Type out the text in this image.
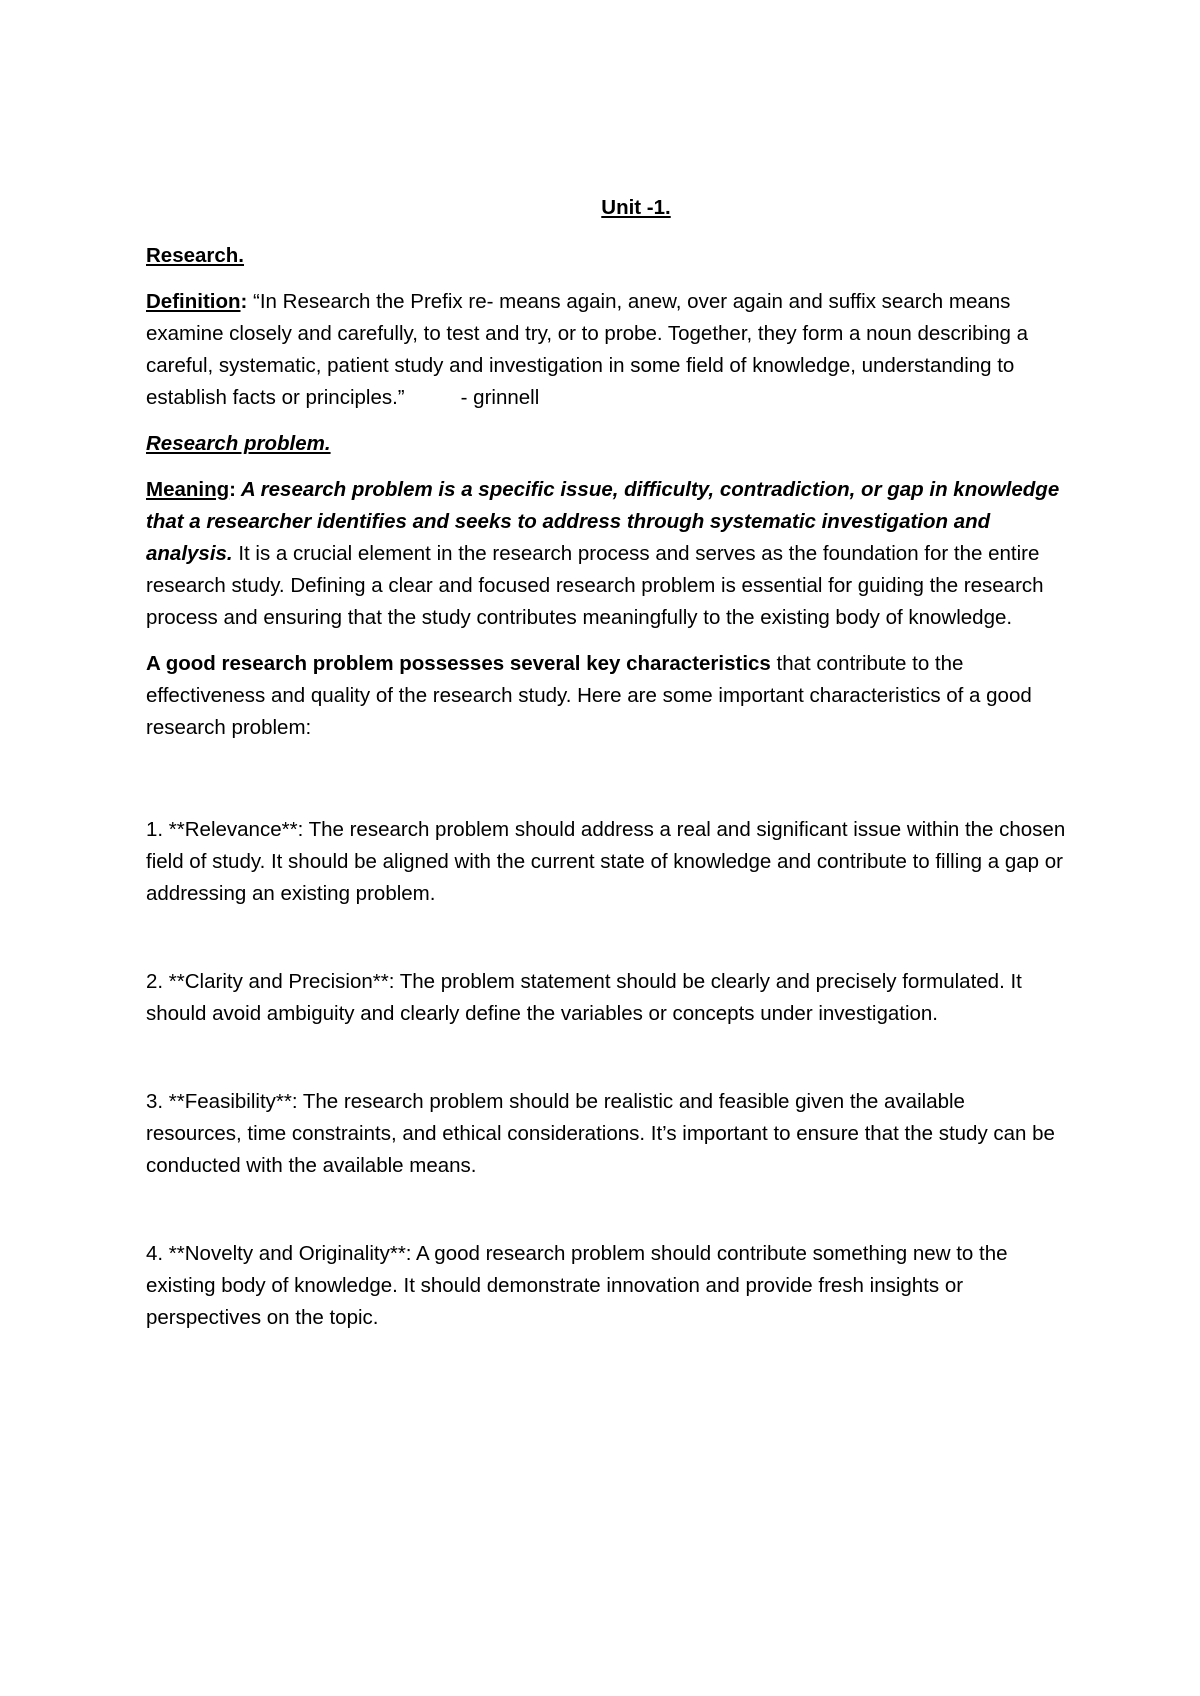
Unit -1.

Research.

Definition: “In Research the Prefix re- means again, anew, over again and suffix search means examine closely and carefully, to test and try, or to probe. Together, they form a noun describing a careful, systematic, patient study and investigation in some field of knowledge, understanding to establish facts or principles.”	- grinnell

Research problem.

Meaning: A research problem is a specific issue, difficulty, contradiction, or gap in knowledge that a researcher identifies and seeks to address through systematic investigation and analysis. It is a crucial element in the research process and serves as the foundation for the entire research study. Defining a clear and focused research problem is essential for guiding the research process and ensuring that the study contributes meaningfully to the existing body of knowledge.

A good research problem possesses several key characteristics that contribute to the effectiveness and quality of the research study. Here are some important characteristics of a good research problem:

1. **Relevance**: The research problem should address a real and significant issue within the chosen field of study. It should be aligned with the current state of knowledge and contribute to filling a gap or addressing an existing problem.

2. **Clarity and Precision**: The problem statement should be clearly and precisely formulated. It should avoid ambiguity and clearly define the variables or concepts under investigation.

3. **Feasibility**: The research problem should be realistic and feasible given the available resources, time constraints, and ethical considerations. It’s important to ensure that the study can be conducted with the available means.

4. **Novelty and Originality**: A good research problem should contribute something new to the existing body of knowledge. It should demonstrate innovation and provide fresh insights or perspectives on the topic.
